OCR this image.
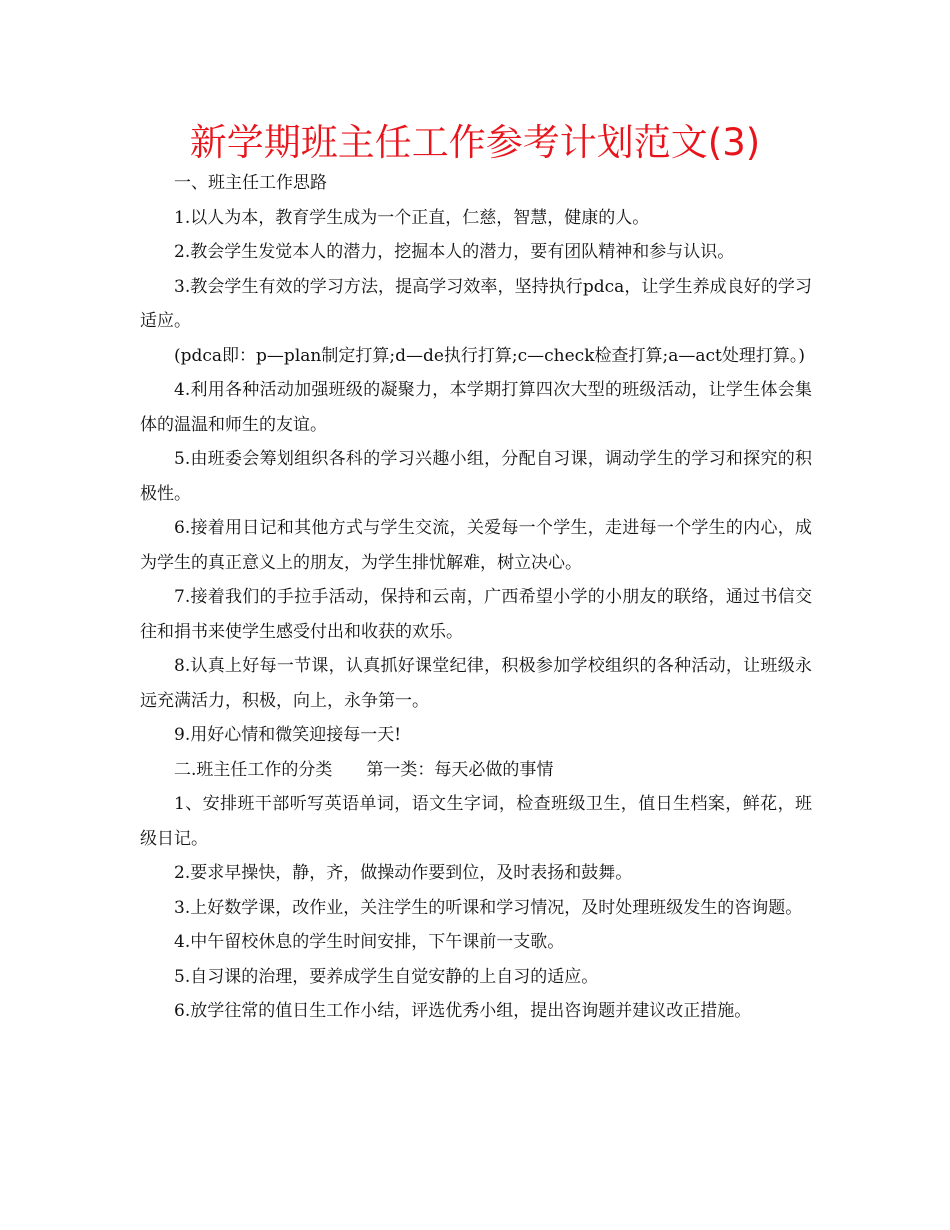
新学期班主任工作参考计划范文(3)

一、班主任工作思路

1.以人为本，教育学生成为一个正直，仁慈，智慧，健康的人。

2.教会学生发觉本人的潜力，挖掘本人的潜力，要有团队精神和参与认识。

3.教会学生有效的学习方法，提高学习效率，坚持执行pdca，让学生养成良好的学习适应。

(pdca即：p—plan制定打算;d—de执行打算;c—check检查打算;a—act处理打算。)

4.利用各种活动加强班级的凝聚力，本学期打算四次大型的班级活动，让学生体会集体的温温和师生的友谊。

5.由班委会筹划组织各科的学习兴趣小组，分配自习课，调动学生的学习和探究的积极性。

6.接着用日记和其他方式与学生交流，关爱每一个学生，走进每一个学生的内心，成为学生的真正意义上的朋友，为学生排忧解难，树立决心。

7.接着我们的手拉手活动，保持和云南，广西希望小学的小朋友的联络，通过书信交往和捐书来使学生感受付出和收获的欢乐。

8.认真上好每一节课，认真抓好课堂纪律，积极参加学校组织的各种活动，让班级永远充满活力，积极，向上，永争第一。

9.用好心情和微笑迎接每一天!

二.班主任工作的分类　　第一类：每天必做的事情

1、安排班干部听写英语单词，语文生字词，检查班级卫生，值日生档案，鲜花，班级日记。

2.要求早操快，静，齐，做操动作要到位，及时表扬和鼓舞。

3.上好数学课，改作业，关注学生的听课和学习情况，及时处理班级发生的咨询题。

4.中午留校休息的学生时间安排，下午课前一支歌。

5.自习课的治理，要养成学生自觉安静的上自习的适应。

6.放学往常的值日生工作小结，评选优秀小组，提出咨询题并建议改正措施。
